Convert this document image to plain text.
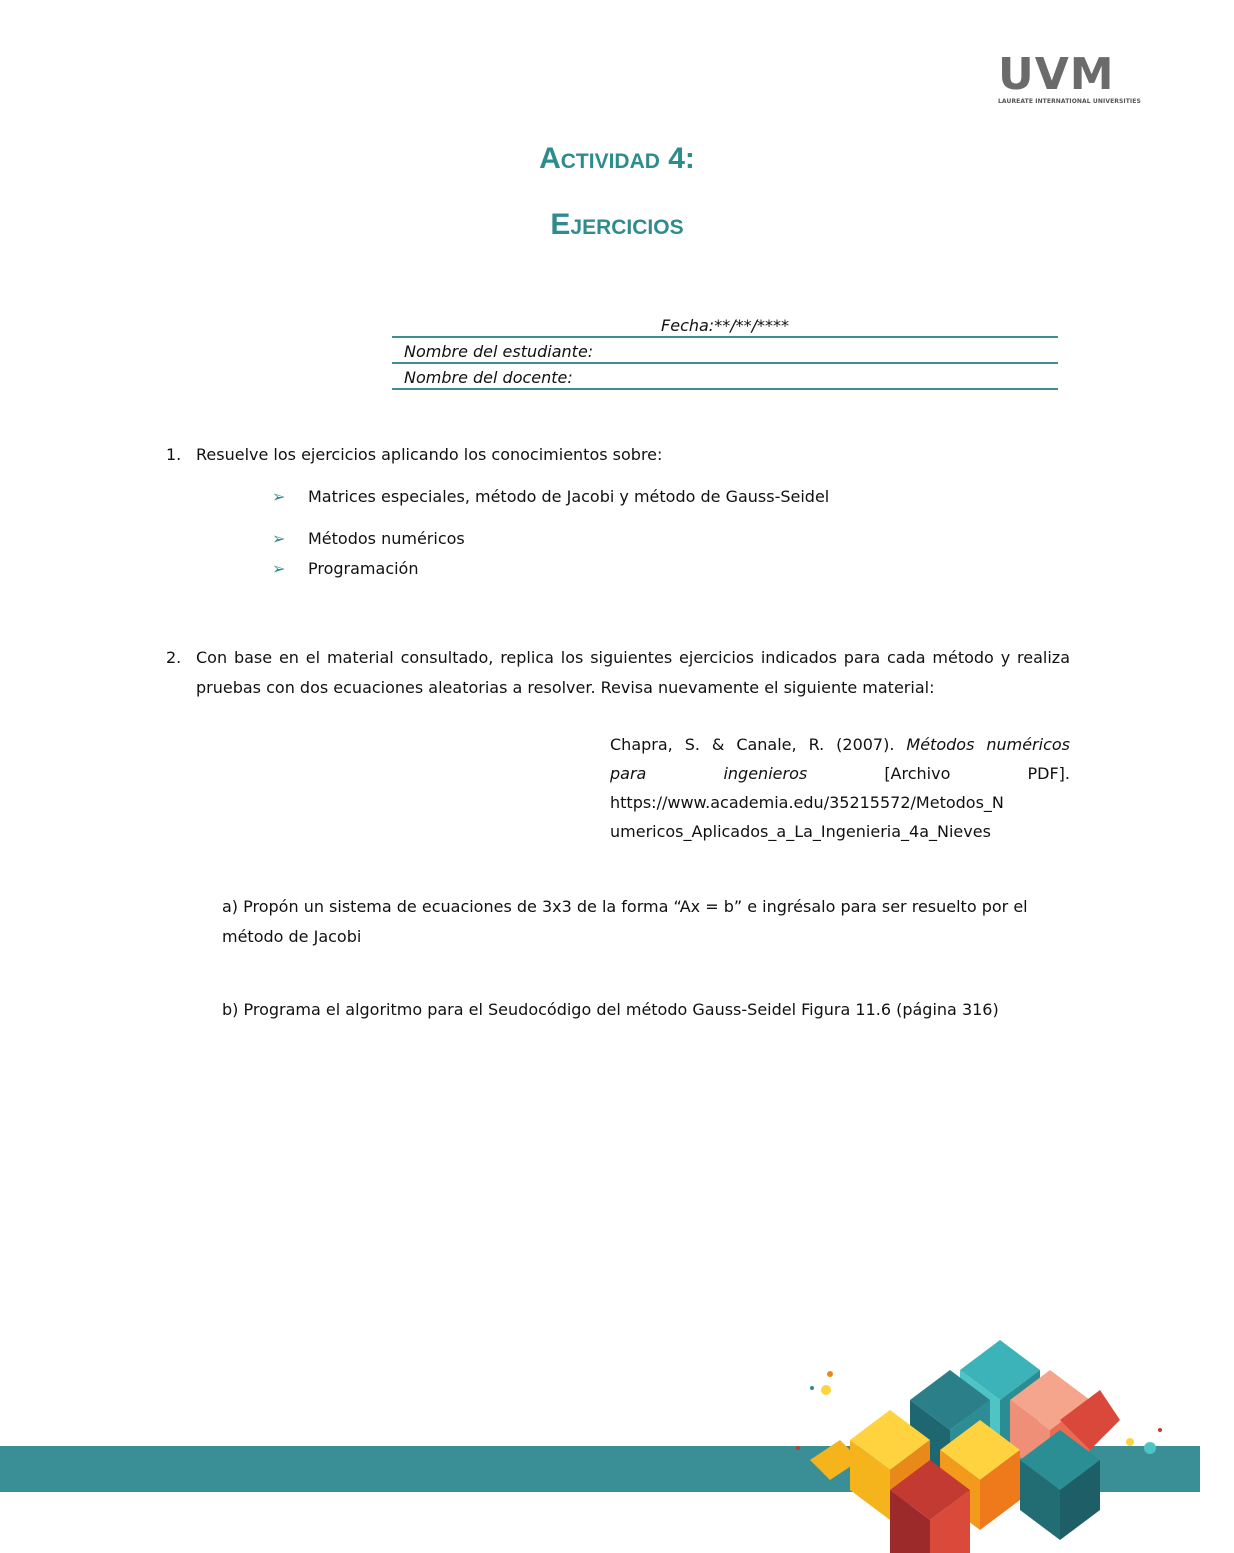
UVM
LAUREATE INTERNATIONAL UNIVERSITIES
Actividad 4:
Ejercicios
Fecha:**/**/****
Nombre del estudiante:
Nombre del docente:
1. Resuelve los ejercicios aplicando los conocimientos sobre:
➢ Matrices especiales, método de Jacobi y método de Gauss-Seidel
➢ Métodos numéricos
➢ Programación
2. Con base en el material consultado, replica los siguientes ejercicios indicados para cada método y realiza pruebas con dos ecuaciones aleatorias a resolver. Revisa nuevamente el siguiente material:
Chapra, S. & Canale, R. (2007). Métodos numéricos
para	ingenieros	[Archivo	PDF].
https://www.academia.edu/35215572/Metodos_N
umericos_Aplicados_a_La_Ingenieria_4a_Nieves
a) Propón un sistema de ecuaciones de 3x3 de la forma “Ax = b” e ingrésalo para ser resuelto por el método de Jacobi
b) Programa el algoritmo para el Seudocódigo del método Gauss-Seidel Figura 11.6 (página 316)
